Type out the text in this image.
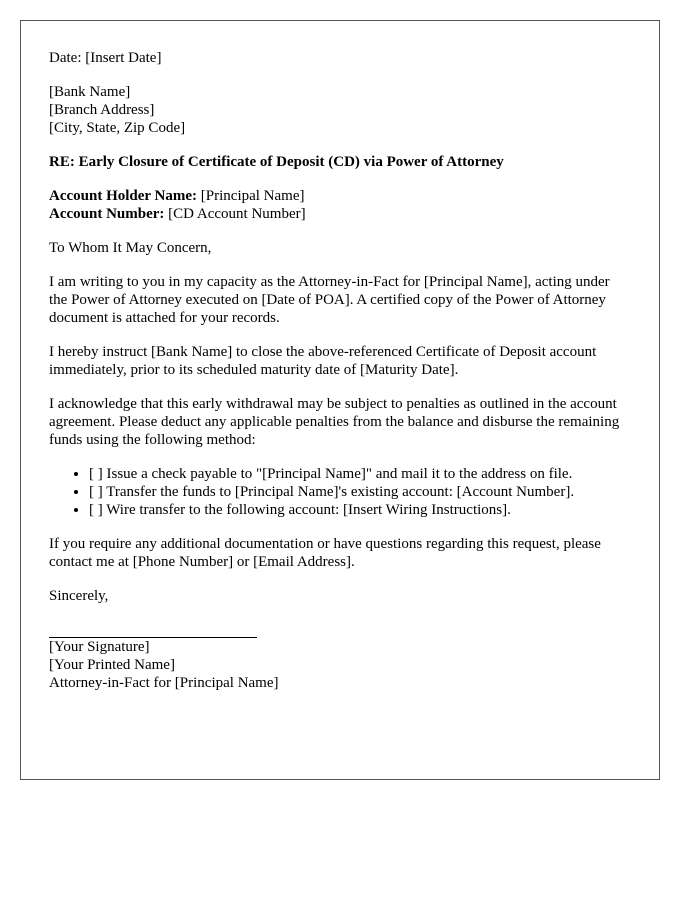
Date: [Insert Date]

[Bank Name]
[Branch Address]
[City, State, Zip Code]

RE: Early Closure of Certificate of Deposit (CD) via Power of Attorney

Account Holder Name: [Principal Name]
Account Number: [CD Account Number]

To Whom It May Concern,

I am writing to you in my capacity as the Attorney-in-Fact for [Principal Name], acting under the Power of Attorney executed on [Date of POA]. A certified copy of the Power of Attorney document is attached for your records.

I hereby instruct [Bank Name] to close the above-referenced Certificate of Deposit account immediately, prior to its scheduled maturity date of [Maturity Date].

I acknowledge that this early withdrawal may be subject to penalties as outlined in the account agreement. Please deduct any applicable penalties from the balance and disburse the remaining funds using the following method:

• [ ] Issue a check payable to "[Principal Name]" and mail it to the address on file.
• [ ] Transfer the funds to [Principal Name]'s existing account: [Account Number].
• [ ] Wire transfer to the following account: [Insert Wiring Instructions].

If you require any additional documentation or have questions regarding this request, please contact me at [Phone Number] or [Email Address].

Sincerely,

[Your Signature]
[Your Printed Name]
Attorney-in-Fact for [Principal Name]
